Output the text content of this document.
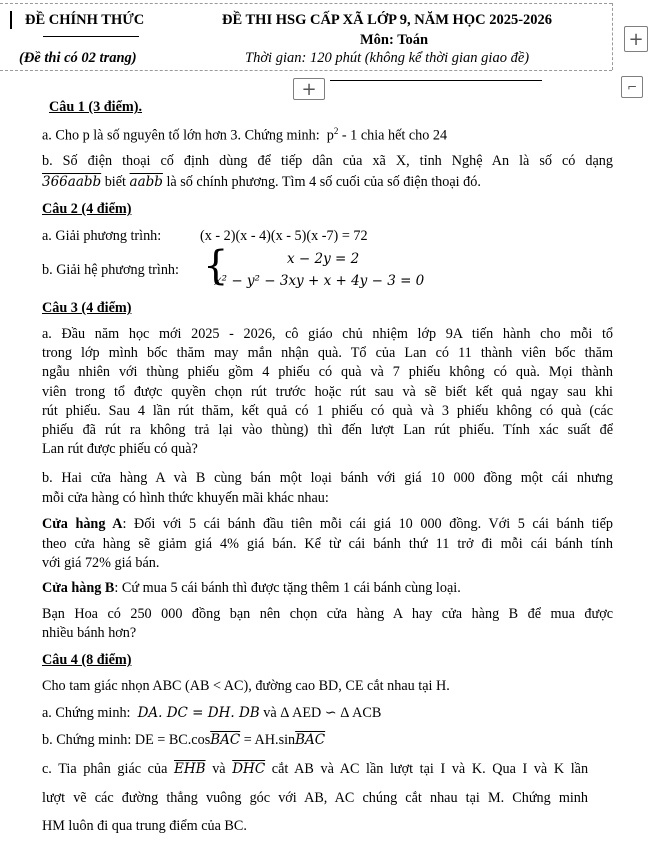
ĐỀ CHÍNH THỨC
(Đề thi có 02 trang)
ĐỀ THI HSG CẤP XÃ LỚP 9, NĂM HỌC 2025-2026
Môn: Toán
Thời gian: 120 phút (không kể thời gian giao đề)
+
+	⌐
Câu 1 (3 điểm).
a. Cho p là số nguyên tố lớn hơn 3. Chứng minh: $p^2 - 1$ chia hết cho 24
b. Số điện thoại cố định dùng để tiếp dân của xã X, tỉnh Nghệ An là số có dạng
366aabb biết aabb là số chính phương. Tìm 4 số cuối của số điện thoại đó.
Câu 2 (4 điểm)
a. Giải phương trình:	(x - 2)(x - 4)(x - 5)(x -7) = 72
b. Giải hệ phương trình: {	x − 2y = 2
x² − y² − 3xy + x + 4y − 3 = 0
Câu 3 (4 điểm)
a. Đầu năm học mới 2025 - 2026, cô giáo chủ nhiệm lớp 9A tiến hành cho mỗi tổ
trong lớp mình bốc thăm may mắn nhận quà. Tổ của Lan có 11 thành viên bốc thăm
ngẫu nhiên với thùng phiếu gồm 4 phiếu có quà và 7 phiếu không có quà. Mọi thành
viên trong tổ được quyền chọn rút trước hoặc rút sau và sẽ biết kết quả ngay sau khi
rút phiếu. Sau 4 lần rút thăm, kết quả có 1 phiếu có quà và 3 phiếu không có quà (các
phiếu đã rút ra không trả lại vào thùng) thì đến lượt Lan rút phiếu. Tính xác suất để
Lan rút được phiếu có quà?
b. Hai cửa hàng A và B cùng bán một loại bánh với giá 10 000 đồng một cái nhưng
mỗi cửa hàng có hình thức khuyến mãi khác nhau:
Cửa hàng A: Đối với 5 cái bánh đầu tiên mỗi cái giá 10 000 đồng. Với 5 cái bánh tiếp
theo cửa hàng sẽ giảm giá 4% giá bán. Kể từ cái bánh thứ 11 trở đi mỗi cái bánh tính
với giá 72% giá bán.
Cửa hàng B: Cứ mua 5 cái bánh thì được tặng thêm 1 cái bánh cùng loại.
Bạn Hoa có 250 000 đồng bạn nên chọn cửa hàng A hay cửa hàng B để mua được
nhiều bánh hơn?
Câu 4 (8 điểm)
Cho tam giác nhọn ABC (AB < AC), đường cao BD, CE cắt nhau tại H.
a. Chứng minh: DA. DC = DH. DB và Δ AED ∽ Δ ACB
b. Chứng minh: DE = $BC.\cos\overline{BAC} = AH.\sin\overline{BAC}$
c. Tia phân giác của $\overline{EHB}$ và $\overline{DHC}$ cắt AB và AC lần lượt tại I và K. Qua I và K lần
lượt vẽ các đường thẳng vuông góc với AB, AC chúng cắt nhau tại M. Chứng minh
HM luôn đi qua trung điểm của BC.
